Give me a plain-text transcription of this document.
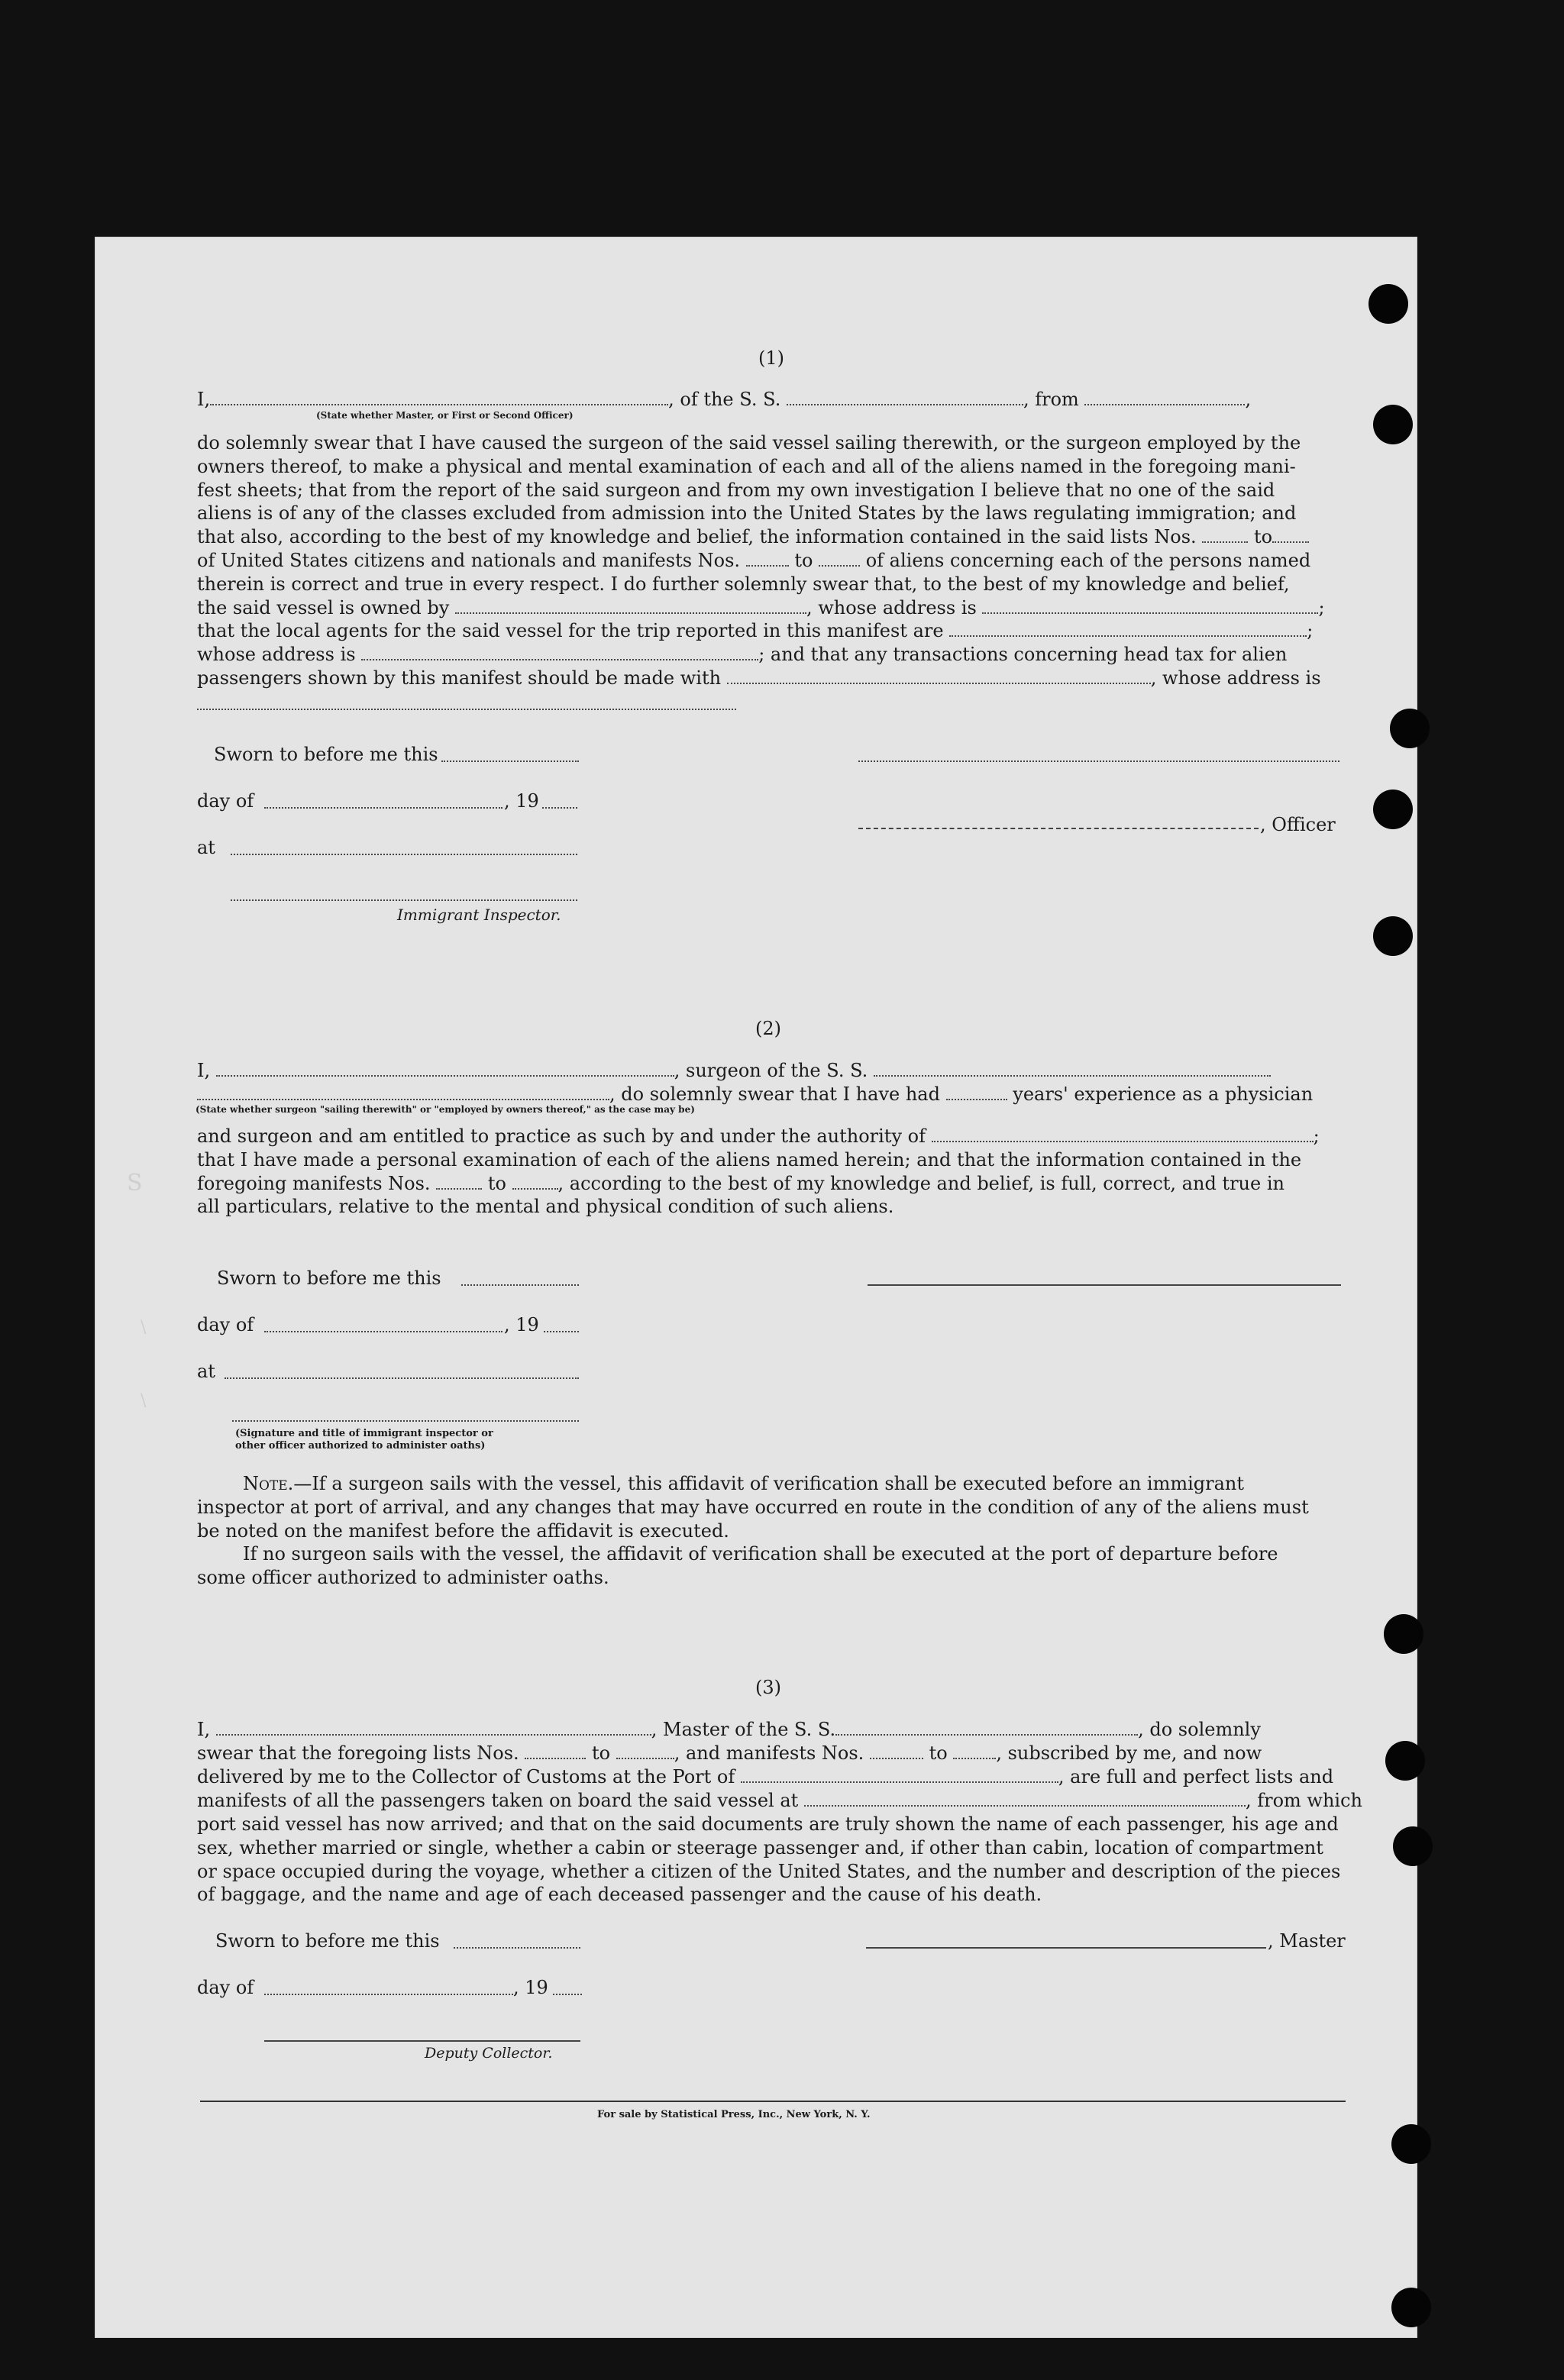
S
\
\
(1)
I,	, of the S. S.	, from	,
(State whether Master, or First or Second Officer)
do solemnly swear that I have caused the surgeon of the said vessel sailing therewith, or the surgeon employed by the
owners thereof, to make a physical and mental examination of each and all of the aliens named in the foregoing mani-
fest sheets; that from the report of the said surgeon and from my own investigation I believe that no one of the said
aliens is of any of the classes excluded from admission into the United States by the laws regulating immigration; and
that also, according to the best of my knowledge and belief, the information contained in the said lists Nos.	to
of United States citizens and nationals and manifests Nos.	to	of aliens concerning each of the persons named
therein is correct and true in every respect. I do further solemnly swear that, to the best of my knowledge and belief,
the said vessel is owned by	, whose address is	;
that the local agents for the said vessel for the trip reported in this manifest are	;
whose address is	; and that any transactions concerning head tax for alien
passengers shown by this manifest should be made with	, whose address is
Sworn to before me this
day of	, 19
, Officer
at
Immigrant Inspector.
(2)
I,	, surgeon of the S. S.
, do solemnly swear that I have had	years' experience as a physician
(State whether surgeon "sailing therewith" or "employed by owners thereof," as the case may be)
and surgeon and am entitled to practice as such by and under the authority of	;
that I have made a personal examination of each of the aliens named herein; and that the information contained in the
foregoing manifests Nos.	to	, according to the best of my knowledge and belief, is full, correct, and true in
all particulars, relative to the mental and physical condition of such aliens.
Sworn to before me this
day of	, 19
at
(Signature and title of immigrant inspector or
other officer authorized to administer oaths)
Note.—If a surgeon sails with the vessel, this affidavit of verification shall be executed before an immigrant
inspector at port of arrival, and any changes that may have occurred en route in the condition of any of the aliens must
be noted on the manifest before the affidavit is executed.
If no surgeon sails with the vessel, the affidavit of verification shall be executed at the port of departure before
some officer authorized to administer oaths.
(3)
I,	, Master of the S. S.	, do solemnly
swear that the foregoing lists Nos.	to	, and manifests Nos.	to	, subscribed by me, and now
delivered by me to the Collector of Customs at the Port of	, are full and perfect lists and
manifests of all the passengers taken on board the said vessel at	, from which
port said vessel has now arrived; and that on the said documents are truly shown the name of each passenger, his age and
sex, whether married or single, whether a cabin or steerage passenger and, if other than cabin, location of compartment
or space occupied during the voyage, whether a citizen of the United States, and the number and description of the pieces
of baggage, and the name and age of each deceased passenger and the cause of his death.
Sworn to before me this	, Master
day of	, 19
Deputy Collector.
For sale by Statistical Press, Inc., New York, N. Y.
